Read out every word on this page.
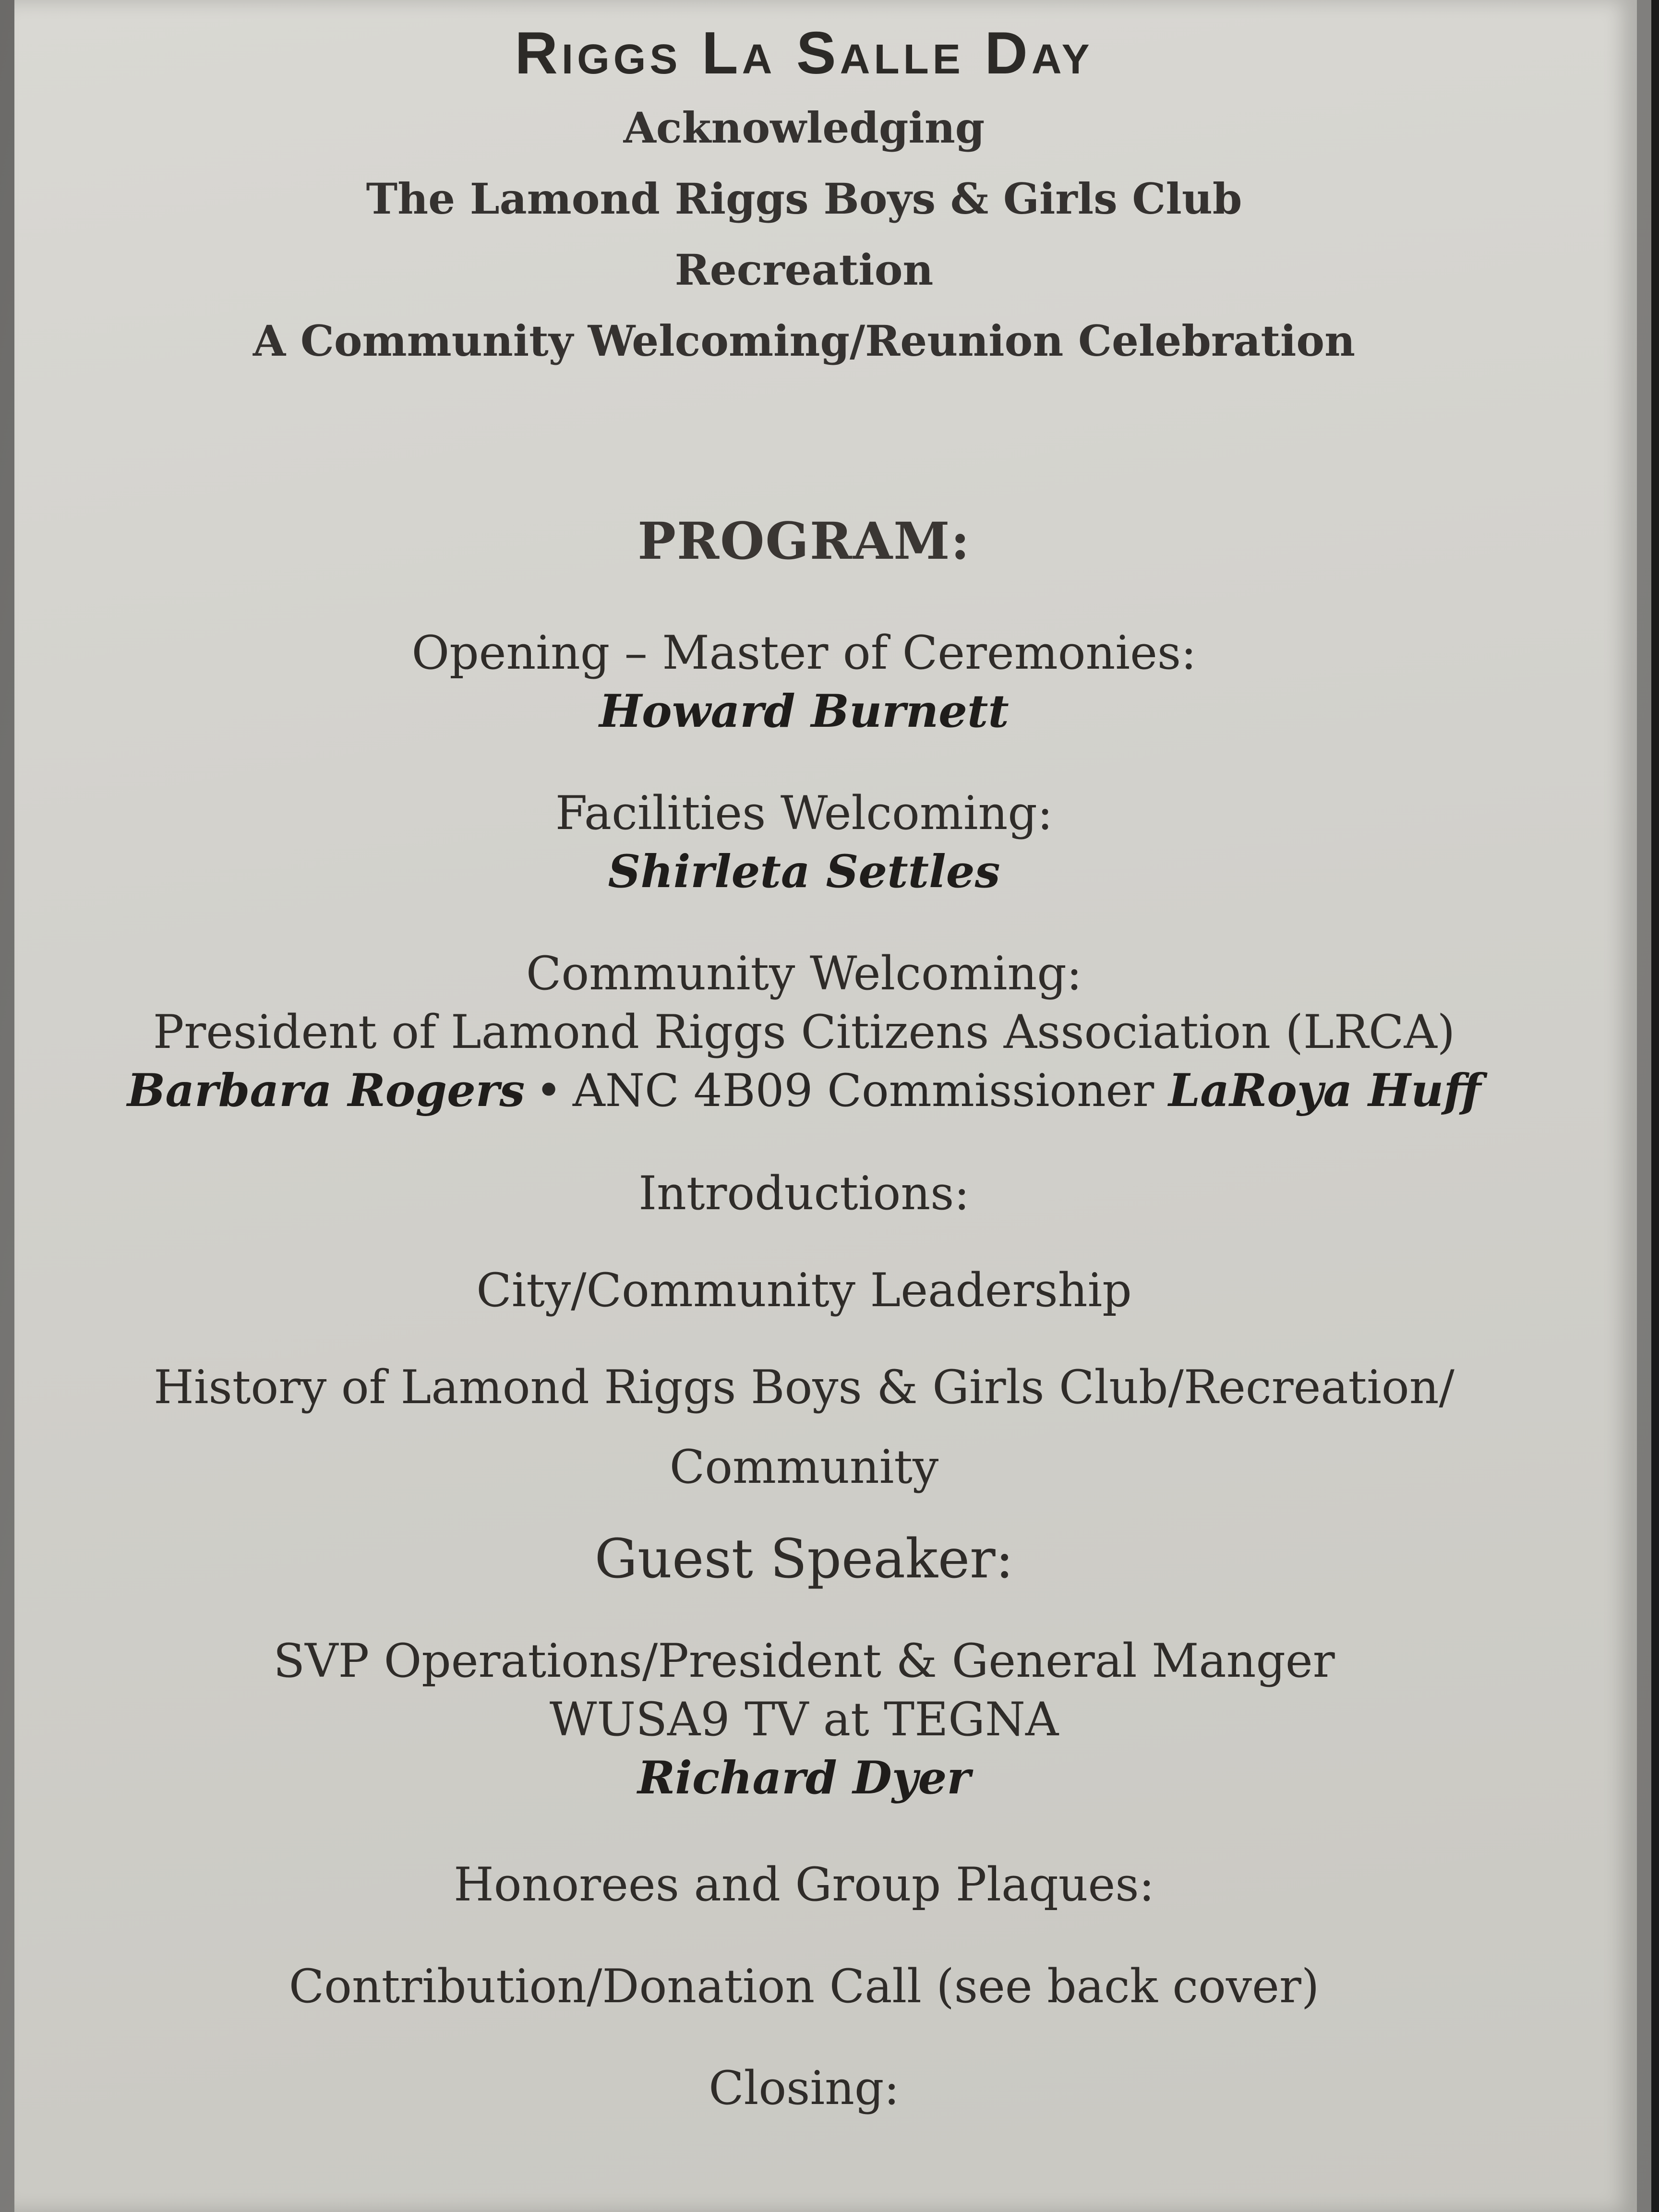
Riggs La Salle Day
Acknowledging
The Lamond Riggs Boys & Girls Club
Recreation
A Community Welcoming/Reunion Celebration
PROGRAM:
Opening – Master of Ceremonies:
Howard Burnett
Facilities Welcoming:
Shirleta Settles
Community Welcoming:
President of Lamond Riggs Citizens Association (LRCA)
Barbara Rogers • ANC 4B09 Commissioner LaRoya Huff
Introductions:
City/Community Leadership
History of Lamond Riggs Boys & Girls Club/Recreation/
Community
Guest Speaker:
SVP Operations/President & General Manger
WUSA9 TV at TEGNA
Richard Dyer
Honorees and Group Plaques:
Contribution/Donation Call (see back cover)
Closing:
